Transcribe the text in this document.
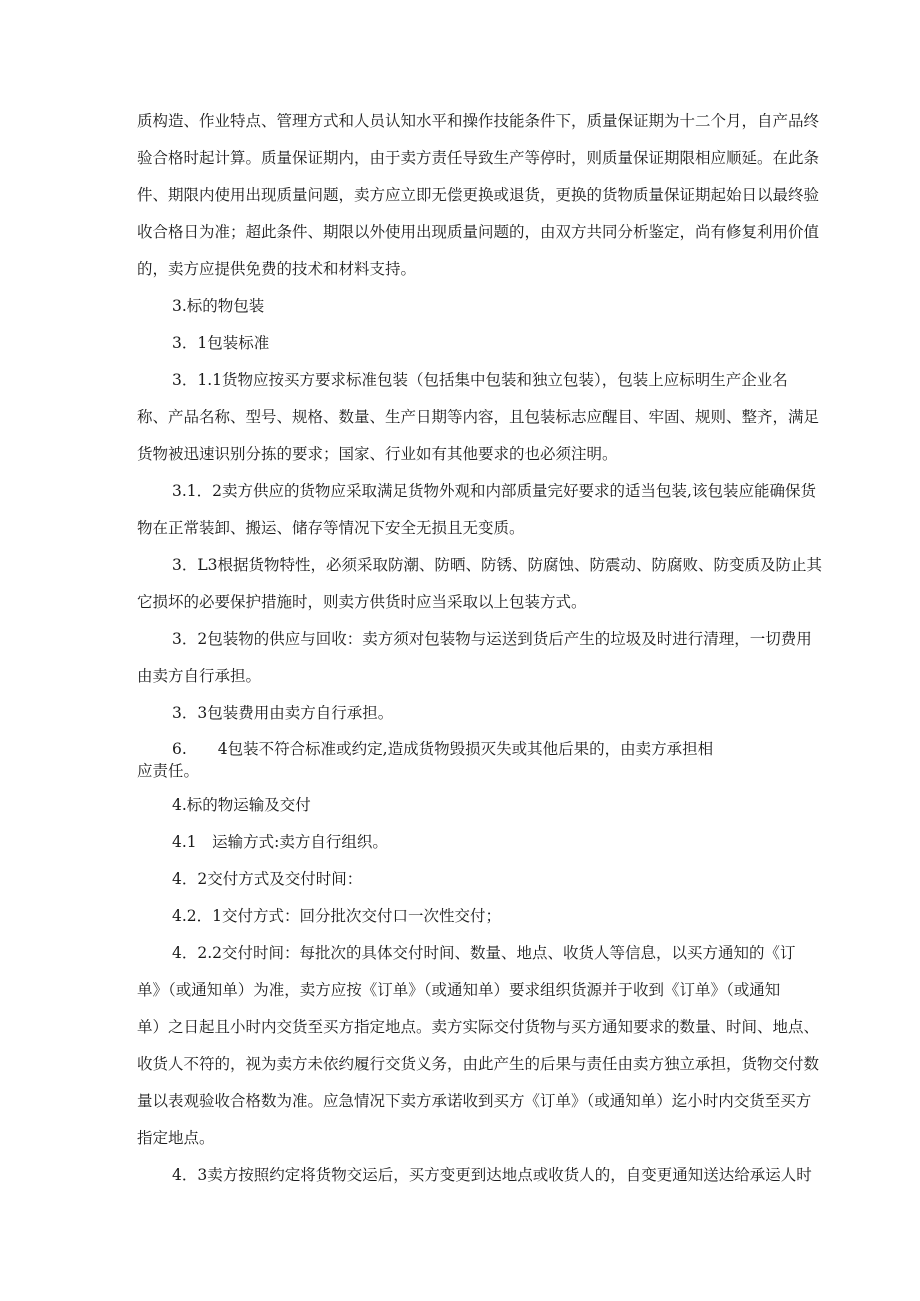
质构造、作业特点、管理方式和人员认知水平和操作技能条件下，质量保证期为十二个月，自产品终
验合格时起计算。质量保证期内，由于卖方责任导致生产等停时，则质量保证期限相应顺延。在此条
件、期限内使用出现质量问题，卖方应立即无偿更换或退货，更换的货物质量保证期起始日以最终验
收合格日为准；超此条件、期限以外使用出现质量问题的，由双方共同分析鉴定，尚有修复利用价值
的，卖方应提供免费的技术和材料支持。
3.标的物包装
3．1包装标准
3．1.1货物应按买方要求标准包装（包括集中包装和独立包装），包装上应标明生产企业名
称、产品名称、型号、规格、数量、生产日期等内容，且包装标志应醒目、牢固、规则、整齐，满足
货物被迅速识别分拣的要求；国家、行业如有其他要求的也必须注明。
3.1．2卖方供应的货物应采取满足货物外观和内部质量完好要求的适当包装,该包装应能确保货
物在正常装卸、搬运、储存等情况下安全无损且无变质。
3．L3根据货物特性，必须采取防潮、防晒、防锈、防腐蚀、防震动、防腐败、防变质及防止其
它损坏的必要保护措施时，则卖方供货时应当采取以上包装方式。
3．2包装物的供应与回收：卖方须对包装物与运送到货后产生的垃圾及时进行清理，一切费用
由卖方自行承担。
3．3包装费用由卖方自行承担。
6.　　4包装不符合标准或约定,造成货物毁损灭失或其他后果的，由卖方承担相
应责任。
4.标的物运输及交付
4.1　运输方式:卖方自行组织。
4．2交付方式及交付时间：
4.2．1交付方式：回分批次交付口一次性交付；
4．2.2交付时间：每批次的具体交付时间、数量、地点、收货人等信息，以买方通知的《订
单》（或通知单）为准，卖方应按《订单》（或通知单）要求组织货源并于收到《订单》（或通知
单）之日起且小时内交货至买方指定地点。卖方实际交付货物与买方通知要求的数量、时间、地点、
收货人不符的，视为卖方未依约履行交货义务，由此产生的后果与责任由卖方独立承担，货物交付数
量以表观验收合格数为准。应急情况下卖方承诺收到买方《订单》（或通知单）迄小时内交货至买方
指定地点。
4．3卖方按照约定将货物交运后，买方变更到达地点或收货人的，自变更通知送达给承运人时
